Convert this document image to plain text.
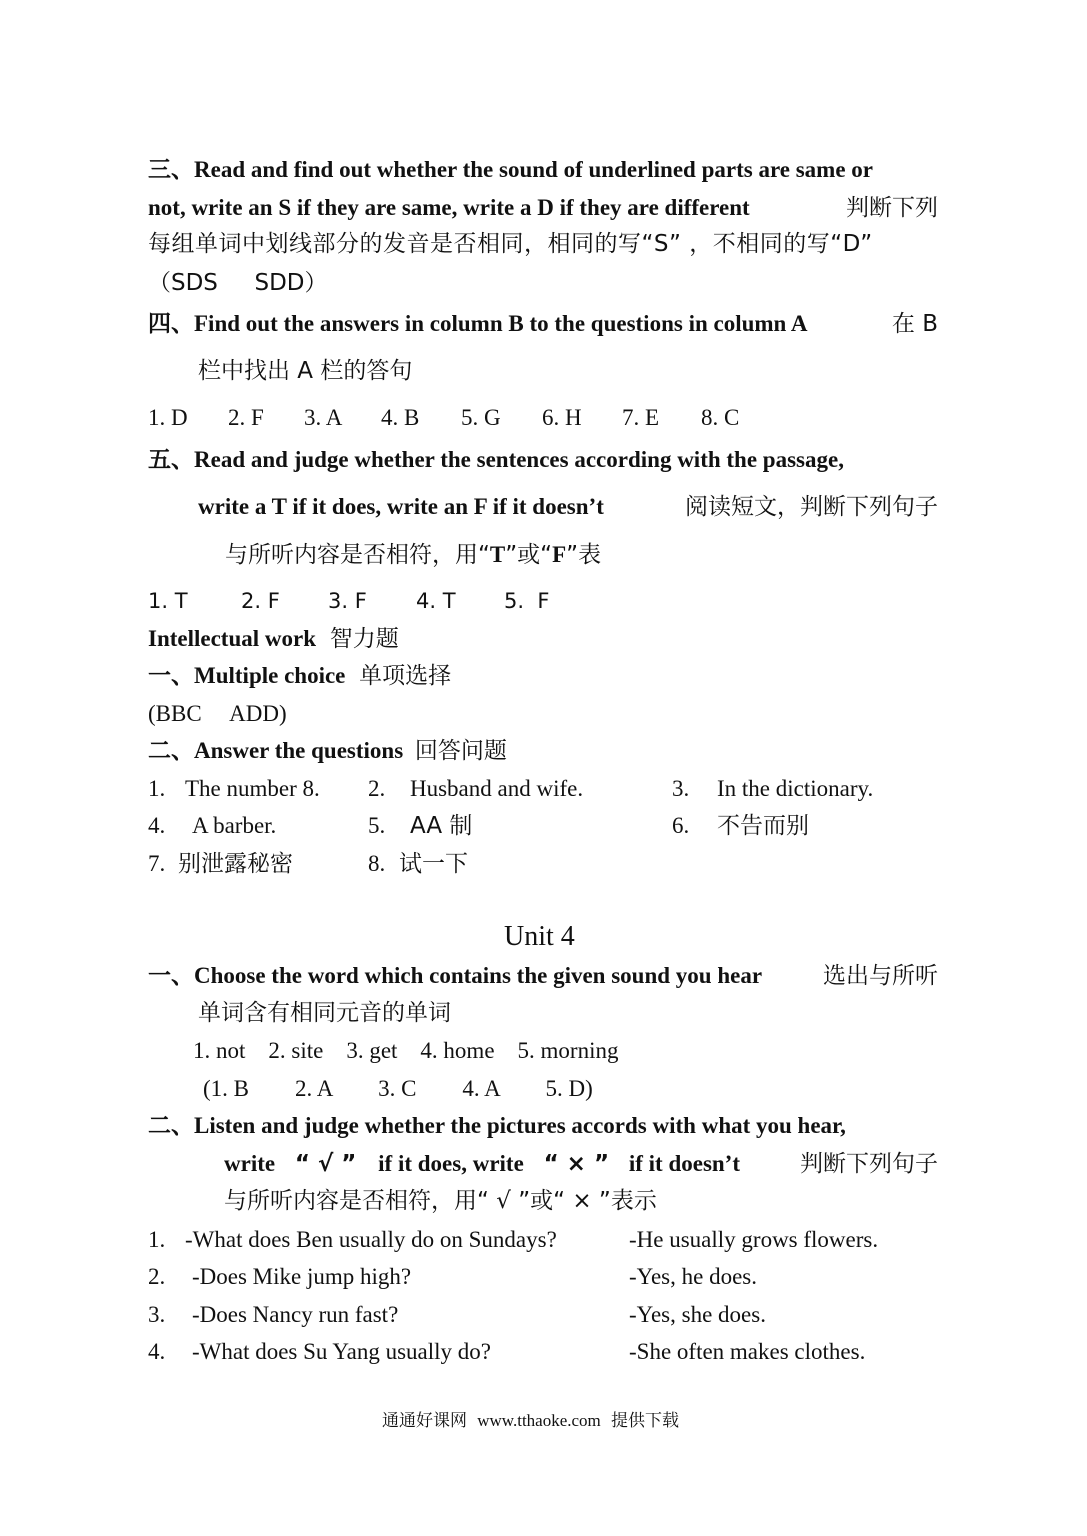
三、Read and find out whether the sound of underlined parts are same or
not, write an S if they are same, write a D if they are different	判断下列
每组单词中划线部分的发音是否相同，相同的写“S” ，不相同的写“D”
（SDS     SDD）
四、Find out the answers in column B to the questions in column A	在 B
栏中找出 A 栏的答句
1. D 2. F 3. A 4. B 5. G 6. H 7. E 8. C
五、Read and judge whether the sentences according with the passage,
write a T if it does, write an F if it doesn’t	阅读短文，判断下列句子
与所听内容是否相符，用“T”或“F”表
1. T	2. F 3. F 4. T 5.  F
Intellectual work 智力题
一、Multiple choice 单项选择
(BBC     ADD)
二、Answer the questions 回答问题
1. The number 8. 2. Husband and wife.	3. In the dictionary.
4. A barber.	5. AA 制	6. 不告而别
7. 别泄露秘密	8. 试一下
Unit 4
一、Choose the word which contains the given sound you hear	选出与所听
单词含有相同元音的单词
1. not    2. site    3. get    4. home    5. morning
(1. B        2. A        3. C        4. A        5. D)
二、Listen and judge whether the pictures accords with what you hear,
write “ √ ” if it does, write “ × ” if it doesn’t	判断下列句子
与所听内容是否相符，用“ √ ”或“ × ”表示
1. -What does Ben usually do on Sundays?	-He usually grows flowers.
2. -Does Mike jump high?	-Yes, he does.
3. -Does Nancy run fast?	-Yes, she does.
4. -What does Su Yang usually do?	-She often makes clothes.
通通好课网 www.tthaoke.com 提供下载
